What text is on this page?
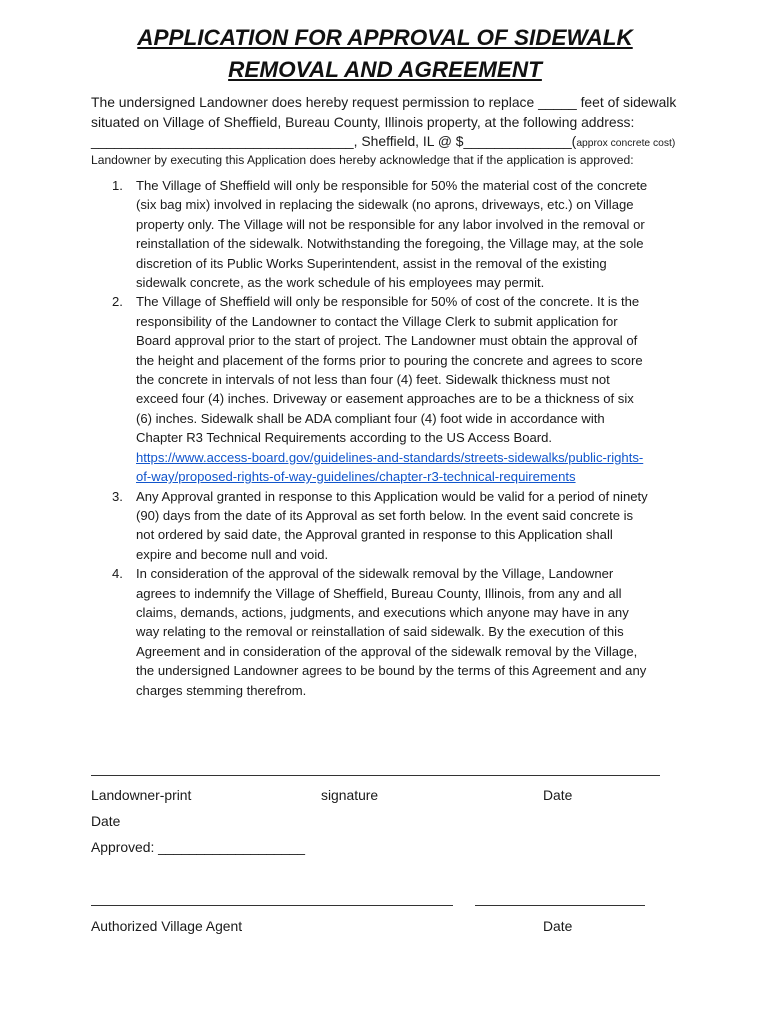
APPLICATION FOR APPROVAL OF SIDEWALK
REMOVAL AND AGREEMENT
The undersigned Landowner does hereby request permission to replace _____ feet of sidewalk
situated on Village of Sheffield, Bureau County, Illinois property, at the following address:
__________________________________, Sheffield, IL @ $______________(approx concrete cost)
Landowner by executing this Application does hereby acknowledge that if the application is approved:
1. The Village of Sheffield will only be responsible for 50% the material cost of the concrete
(six bag mix) involved in replacing the sidewalk (no aprons, driveways, etc.) on Village
property only. The Village will not be responsible for any labor involved in the removal or
reinstallation of the sidewalk. Notwithstanding the foregoing, the Village may, at the sole
discretion of its Public Works Superintendent, assist in the removal of the existing
sidewalk concrete, as the work schedule of his employees may permit.
2. The Village of Sheffield will only be responsible for 50% of cost of the concrete. It is the
responsibility of the Landowner to contact the Village Clerk to submit application for
Board approval prior to the start of project. The Landowner must obtain the approval of
the height and placement of the forms prior to pouring the concrete and agrees to score
the concrete in intervals of not less than four (4) feet. Sidewalk thickness must not
exceed four (4) inches. Driveway or easement approaches are to be a thickness of six
(6) inches. Sidewalk shall be ADA compliant four (4) foot wide in accordance with
Chapter R3 Technical Requirements according to the US Access Board.
https://www.access-board.gov/guidelines-and-standards/streets-sidewalks/public-rights-
of-way/proposed-rights-of-way-guidelines/chapter-r3-technical-requirements
3. Any Approval granted in response to this Application would be valid for a period of ninety
(90) days from the date of its Approval as set forth below. In the event said concrete is
not ordered by said date, the Approval granted in response to this Application shall
expire and become null and void.
4. In consideration of the approval of the sidewalk removal by the Village, Landowner
agrees to indemnify the Village of Sheffield, Bureau County, Illinois, from any and all
claims, demands, actions, judgments, and executions which anyone may have in any
way relating to the removal or reinstallation of said sidewalk. By the execution of this
Agreement and in consideration of the approval of the sidewalk removal by the Village,
the undersigned Landowner agrees to be bound by the terms of this Agreement and any
charges stemming therefrom.
Landowner-print	signature	Date
Date
Approved: ___________________
Authorized Village Agent	Date
